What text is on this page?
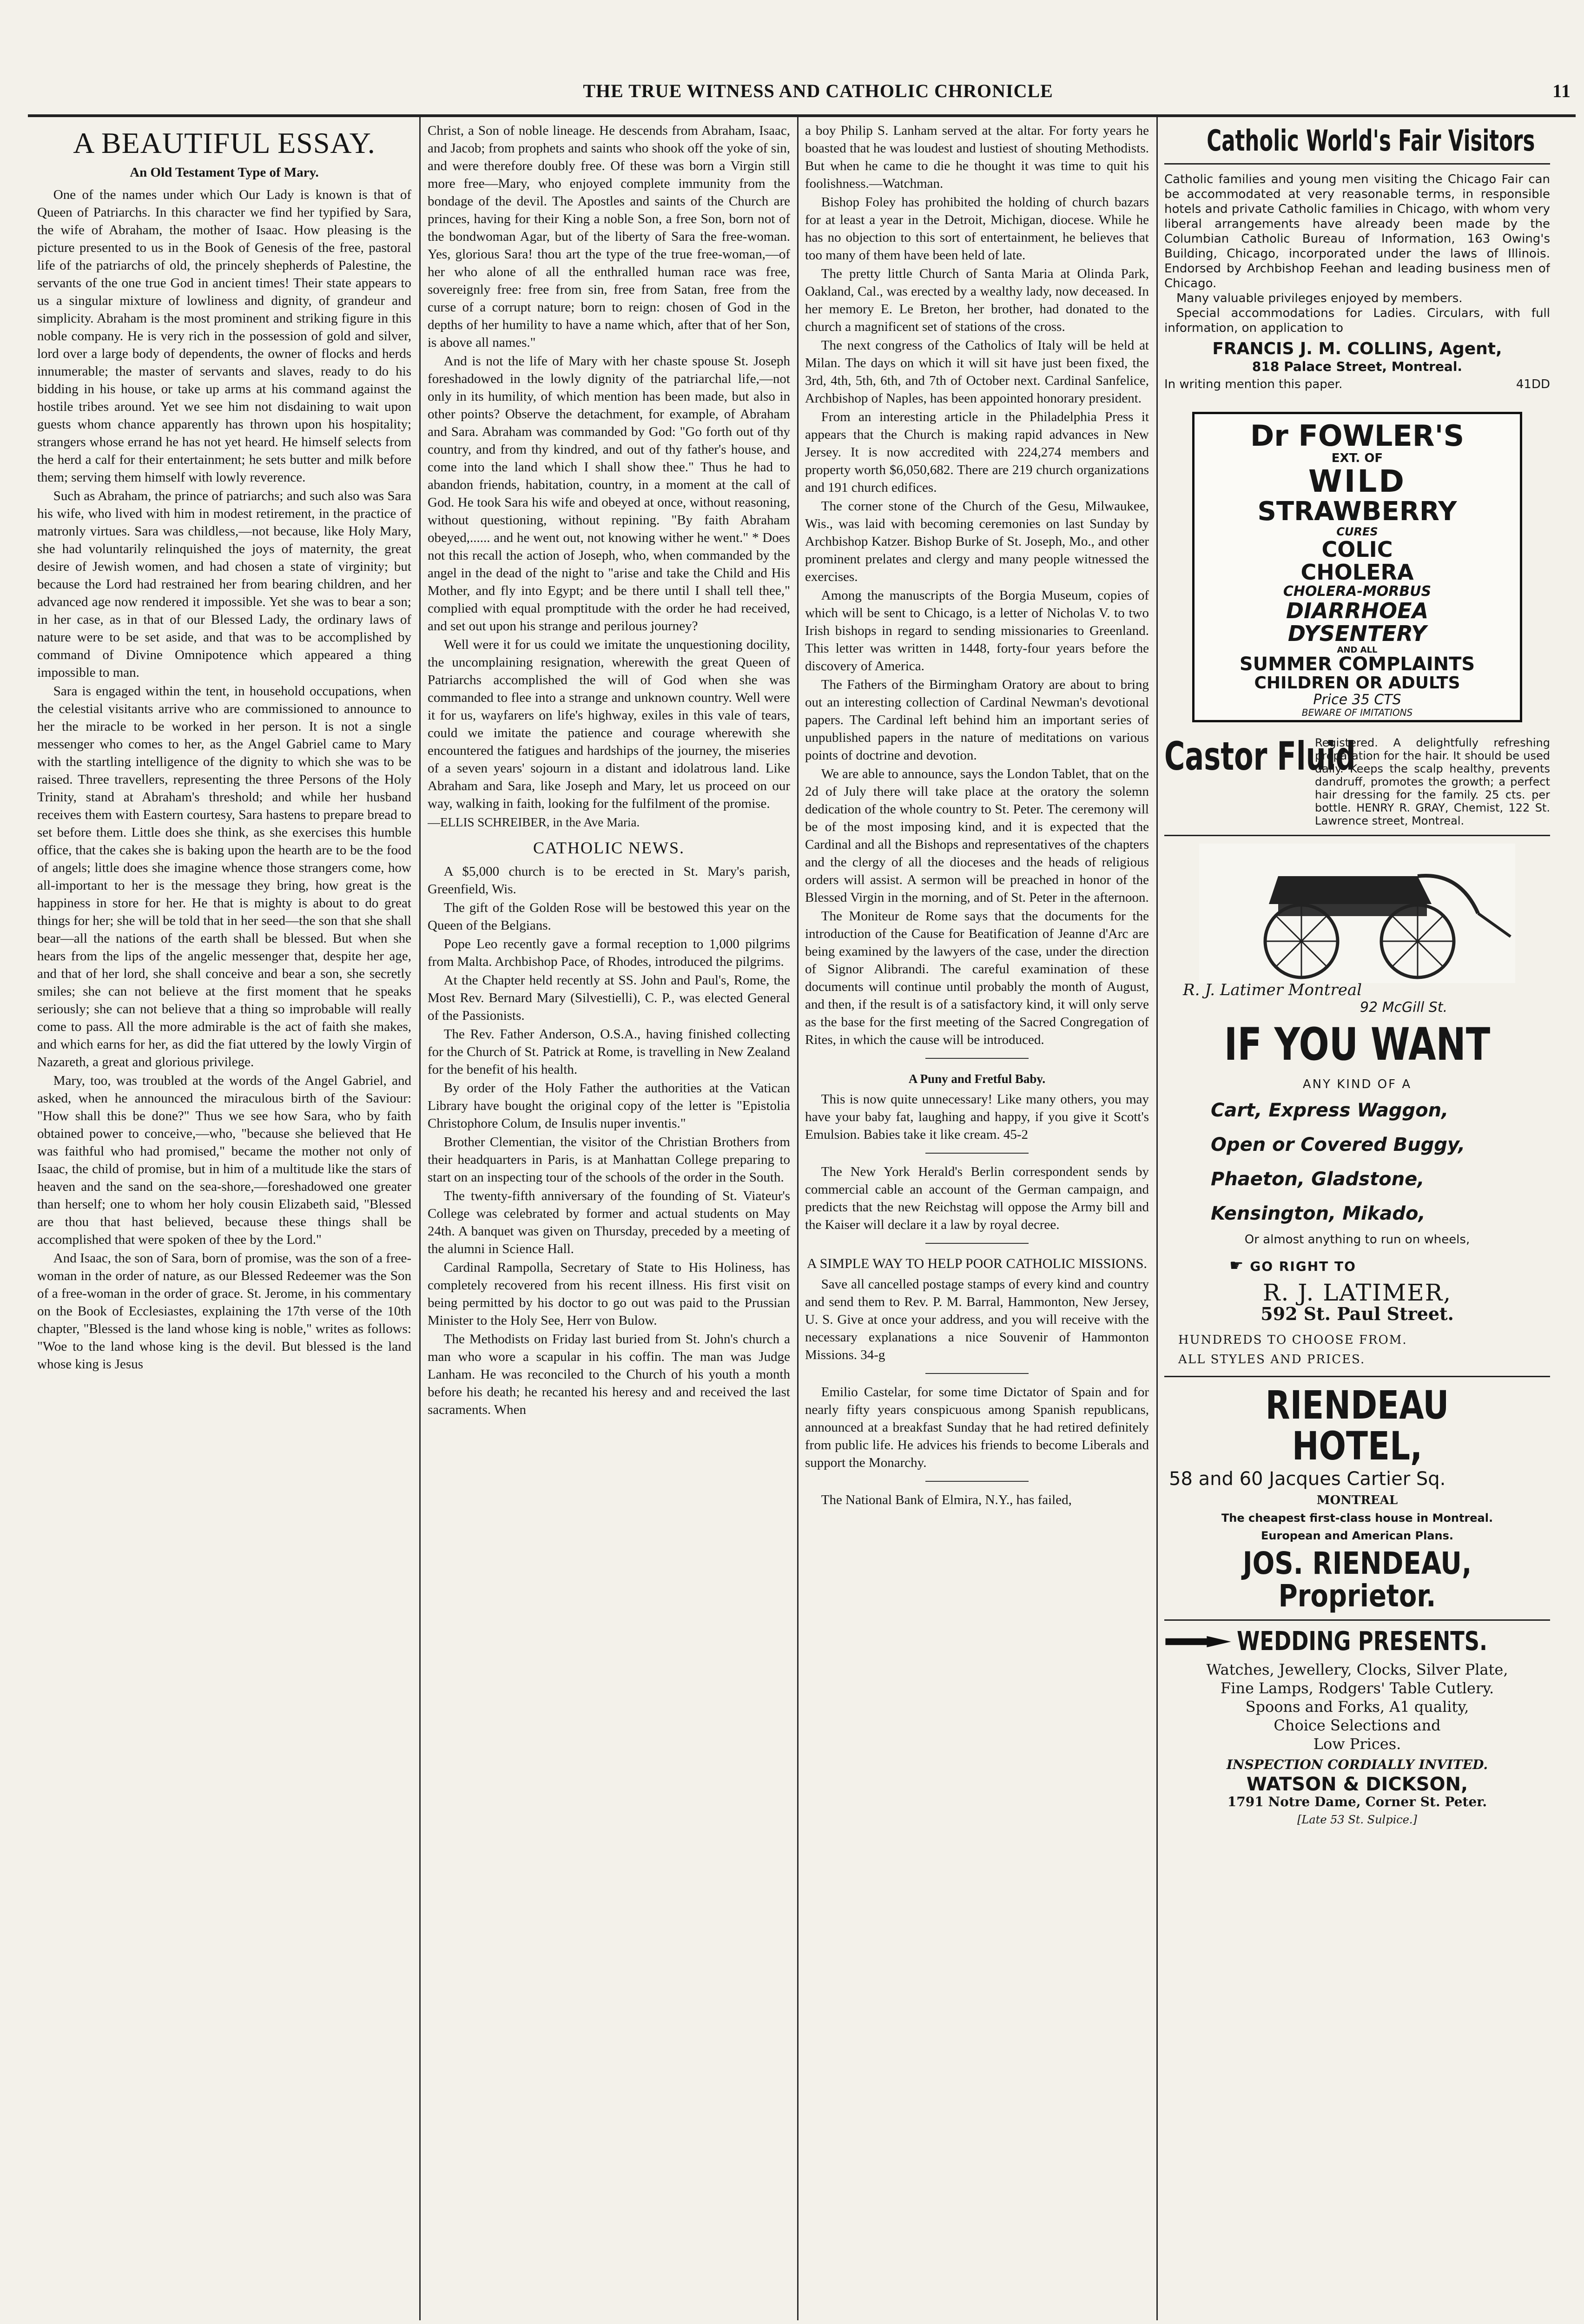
THE TRUE WITNESS AND CATHOLIC CHRONICLE	11
A BEAUTIFUL ESSAY.
An Old Testament Type of Mary.

One of the names under which Our Lady is known is that of Queen of Patriarchs. In this character we find her typified by Sara, the wife of Abraham, the mother of Isaac. How pleasing is the picture presented to us in the Book of Genesis of the free, pastoral life of the patriarchs of old, the princely shepherds of Palestine, the servants of the one true God in ancient times! Their state appears to us a singular mixture of lowliness and dignity, of grandeur and simplicity. Abraham is the most prominent and striking figure in this noble company. He is very rich in the possession of gold and silver, lord over a large body of dependents, the owner of flocks and herds innumerable; the master of servants and slaves, ready to do his bidding in his house, or take up arms at his command against the hostile tribes around. Yet we see him not disdaining to wait upon guests whom chance apparently has thrown upon his hospitality; strangers whose errand he has not yet heard. He himself selects from the herd a calf for their entertainment; he sets butter and milk before them; serving them himself with lowly reverence.

Such as Abraham, the prince of patriarchs; and such also was Sara his wife, who lived with him in modest retirement, in the practice of matronly virtues. Sara was childless,—not because, like Holy Mary, she had voluntarily relinquished the joys of maternity, the great desire of Jewish women, and had chosen a state of virginity; but because the Lord had restrained her from bearing children, and her advanced age now rendered it impossible. Yet she was to bear a son; in her case, as in that of our Blessed Lady, the ordinary laws of nature were to be set aside, and that was to be accomplished by command of Divine Omnipotence which appeared a thing impossible to man.

Sara is engaged within the tent, in household occupations, when the celestial visitants arrive who are commissioned to announce to her the miracle to be worked in her person. It is not a single messenger who comes to her, as the Angel Gabriel came to Mary with the startling intelligence of the dignity to which she was to be raised. Three travellers, representing the three Persons of the Holy Trinity, stand at Abraham's threshold; and while her husband receives them with Eastern courtesy, Sara hastens to prepare bread to set before them. Little does she think, as she exercises this humble office, that the cakes she is baking upon the hearth are to be the food of angels; little does she imagine whence those strangers come, how all-important to her is the message they bring, how great is the happiness in store for her. He that is mighty is about to do great things for her; she will be told that in her seed—the son that she shall bear—all the nations of the earth shall be blessed. But when she hears from the lips of the angelic messenger that, despite her age, and that of her lord, she shall conceive and bear a son, she secretly smiles; she can not believe at the first moment that he speaks seriously; she can not believe that a thing so improbable will really come to pass. All the more admirable is the act of faith she makes, and which earns for her, as did the fiat uttered by the lowly Virgin of Nazareth, a great and glorious privilege.

Mary, too, was troubled at the words of the Angel Gabriel, and asked, when he announced the miraculous birth of the Saviour: "How shall this be done?" Thus we see how Sara, who by faith obtained power to conceive,—who, "because she believed that He was faithful who had promised," became the mother not only of Isaac, the child of promise, but in him of a multitude like the stars of heaven and the sand on the sea-shore,—foreshadowed one greater than herself; one to whom her holy cousin Elizabeth said, "Blessed are thou that hast believed, because these things shall be accomplished that were spoken of thee by the Lord."

And Isaac, the son of Sara, born of promise, was the son of a free-woman in the order of nature, as our Blessed Redeemer was the Son of a free-woman in the order of grace. St. Jerome, in his commentary on the Book of Ecclesiastes, explaining the 17th verse of the 10th chapter, "Blessed is the land whose king is noble," writes as follows: "Woe to the land whose king is the devil. But blessed is the land whose king is Jesus

Christ, a Son of noble lineage. He descends from Abraham, Isaac, and Jacob; from prophets and saints who shook off the yoke of sin, and were therefore doubly free. Of these was born a Virgin still more free—Mary, who enjoyed complete immunity from the bondage of the devil. The Apostles and saints of the Church are princes, having for their King a noble Son, a free Son, born not of the bondwoman Agar, but of the liberty of Sara the free-woman. Yes, glorious Sara! thou art the type of the true free-woman,—of her who alone of all the enthralled human race was free, sovereignly free: free from sin, free from Satan, free from the curse of a corrupt nature; born to reign: chosen of God in the depths of her humility to have a name which, after that of her Son, is above all names."

And is not the life of Mary with her chaste spouse St. Joseph foreshadowed in the lowly dignity of the patriarchal life,—not only in its humility, of which mention has been made, but also in other points? Observe the detachment, for example, of Abraham and Sara. Abraham was commanded by God: "Go forth out of thy country, and from thy kindred, and out of thy father's house, and come into the land which I shall show thee." Thus he had to abandon friends, habitation, country, in a moment at the call of God. He took Sara his wife and obeyed at once, without reasoning, without questioning, without repining. "By faith Abraham obeyed,...... and he went out, not knowing wither he went." * Does not this recall the action of Joseph, who, when commanded by the angel in the dead of the night to "arise and take the Child and His Mother, and fly into Egypt; and be there until I shall tell thee," complied with equal promptitude with the order he had received, and set out upon his strange and perilous journey?

Well were it for us could we imitate the unquestioning docility, the uncomplaining resignation, wherewith the great Queen of Patriarchs accomplished the will of God when she was commanded to flee into a strange and unknown country. Well were it for us, wayfarers on life's highway, exiles in this vale of tears, could we imitate the patience and courage wherewith she encountered the fatigues and hardships of the journey, the miseries of a seven years' sojourn in a distant and idolatrous land. Like Abraham and Sara, like Joseph and Mary, let us proceed on our way, walking in faith, looking for the fulfilment of the promise.

—ELLIS SCHREIBER, in the Ave Maria.

CATHOLIC NEWS.

A $5,000 church is to be erected in St. Mary's parish, Greenfield, Wis.

The gift of the Golden Rose will be bestowed this year on the Queen of the Belgians.

Pope Leo recently gave a formal reception to 1,000 pilgrims from Malta. Archbishop Pace, of Rhodes, introduced the pilgrims.

At the Chapter held recently at SS. John and Paul's, Rome, the Most Rev. Bernard Mary (Silvestielli), C. P., was elected General of the Passionists.

The Rev. Father Anderson, O.S.A., having finished collecting for the Church of St. Patrick at Rome, is travelling in New Zealand for the benefit of his health.

By order of the Holy Father the authorities at the Vatican Library have bought the original copy of the letter is "Epistolia Christophore Colum, de Insulis nuper inventis."

Brother Clementian, the visitor of the Christian Brothers from their headquarters in Paris, is at Manhattan College preparing to start on an inspecting tour of the schools of the order in the South.

The twenty-fifth anniversary of the founding of St. Viateur's College was celebrated by former and actual students on May 24th. A banquet was given on Thursday, preceded by a meeting of the alumni in Science Hall.

Cardinal Rampolla, Secretary of State to His Holiness, has completely recovered from his recent illness. His first visit on being permitted by his doctor to go out was paid to the Prussian Minister to the Holy See, Herr von Bulow.

The Methodists on Friday last buried from St. John's church a man who wore a scapular in his coffin. The man was Judge Lanham. He was reconciled to the Church of his youth a month before his death; he recanted his heresy and and received the last sacraments. When

a boy Philip S. Lanham served at the altar. For forty years he boasted that he was loudest and lustiest of shouting Methodists. But when he came to die he thought it was time to quit his foolishness.—Watchman.

Bishop Foley has prohibited the holding of church bazars for at least a year in the Detroit, Michigan, diocese. While he has no objection to this sort of entertainment, he believes that too many of them have been held of late.

The pretty little Church of Santa Maria at Olinda Park, Oakland, Cal., was erected by a wealthy lady, now deceased. In her memory E. Le Breton, her brother, had donated to the church a magnificent set of stations of the cross.

The next congress of the Catholics of Italy will be held at Milan. The days on which it will sit have just been fixed, the 3rd, 4th, 5th, 6th, and 7th of October next. Cardinal Sanfelice, Archbishop of Naples, has been appointed honorary president.

From an interesting article in the Philadelphia Press it appears that the Church is making rapid advances in New Jersey. It is now accredited with 224,274 members and property worth $6,050,682. There are 219 church organizations and 191 church edifices.

The corner stone of the Church of the Gesu, Milwaukee, Wis., was laid with becoming ceremonies on last Sunday by Archbishop Katzer. Bishop Burke of St. Joseph, Mo., and other prominent prelates and clergy and many people witnessed the exercises.

Among the manuscripts of the Borgia Museum, copies of which will be sent to Chicago, is a letter of Nicholas V. to two Irish bishops in regard to sending missionaries to Greenland. This letter was written in 1448, forty-four years before the discovery of America.

The Fathers of the Birmingham Oratory are about to bring out an interesting collection of Cardinal Newman's devotional papers. The Cardinal left behind him an important series of unpublished papers in the nature of meditations on various points of doctrine and devotion.

We are able to announce, says the London Tablet, that on the 2d of July there will take place at the oratory the solemn dedication of the whole country to St. Peter. The ceremony will be of the most imposing kind, and it is expected that the Cardinal and all the Bishops and representatives of the chapters and the clergy of all the dioceses and the heads of religious orders will assist. A sermon will be preached in honor of the Blessed Virgin in the morning, and of St. Peter in the afternoon.

The Moniteur de Rome says that the documents for the introduction of the Cause for Beatification of Jeanne d'Arc are being examined by the lawyers of the case, under the direction of Signor Alibrandi. The careful examination of these documents will continue until probably the month of August, and then, if the result is of a satisfactory kind, it will only serve as the base for the first meeting of the Sacred Congregation of Rites, in which the cause will be introduced.

A Puny and Fretful Baby.

This is now quite unnecessary! Like many others, you may have your baby fat, laughing and happy, if you give it Scott's Emulsion. Babies take it like cream. 45-2

The New York Herald's Berlin correspondent sends by commercial cable an account of the German campaign, and predicts that the new Reichstag will oppose the Army bill and the Kaiser will declare it a law by royal decree.

A SIMPLE WAY TO HELP POOR CATHOLIC MISSIONS.

Save all cancelled postage stamps of every kind and country and send them to Rev. P. M. Barral, Hammonton, New Jersey, U. S. Give at once your address, and you will receive with the necessary explanations a nice Souvenir of Hammonton Missions. 34-g

Emilio Castelar, for some time Dictator of Spain and for nearly fifty years conspicuous among Spanish republicans, announced at a breakfast Sunday that he had retired definitely from public life. He advices his friends to become Liberals and support the Monarchy.

The National Bank of Elmira, N.Y., has failed,

Catholic World's Fair Visitors
Catholic families and young men visiting the Chicago Fair can be accommodated at very reasonable terms, in responsible hotels and private Catholic families in Chicago, with whom very liberal arrangements have already been made by the Columbian Catholic Bureau of Information, 163 Owing's Building, Chicago, incorporated under the laws of Illinois. Endorsed by Archbishop Feehan and leading business men of Chicago.
Many valuable privileges enjoyed by members.
Special accommodations for Ladies. Circulars, with full information, on application to
FRANCIS J. M. COLLINS, Agent,
818 Palace Street, Montreal.
In writing mention this paper.	41DD
Dr FOWLER'S
EXT. OF
WILD
STRAWBERRY
CURES
COLIC
CHOLERA
CHOLERA-MORBUS
DIARRHOEA
DYSENTERY
AND ALL
SUMMER COMPLAINTS
CHILDREN OR ADULTS
Price 35 CTS
BEWARE OF IMITATIONS
Castor Fluid
Registered. A delightfully refreshing preparation for the hair. It should be used daily. Keeps the scalp healthy, prevents dandruff, promotes the growth; a perfect hair dressing for the family. 25 cts. per bottle. HENRY R. GRAY, Chemist, 122 St. Lawrence street, Montreal.
R. J. Latimer Montreal
92 McGill St.
IF YOU WANT
ANY KIND OF A
Cart, Express Waggon,
Open or Covered Buggy,
Phaeton, Gladstone,
Kensington, Mikado,
Or almost anything to run on wheels,
☛ GO RIGHT TO
R. J. LATIMER,
592 St. Paul Street.
HUNDREDS TO CHOOSE FROM.
ALL STYLES AND PRICES.
RIENDEAU HOTEL,
58 and 60 Jacques Cartier Sq.
MONTREAL
The cheapest first-class house in Montreal.
European and American Plans.
JOS. RIENDEAU, Proprietor.
WEDDING PRESENTS.
Watches, Jewellery, Clocks, Silver Plate,
Fine Lamps, Rodgers' Table Cutlery.
Spoons and Forks, A1 quality,
Choice Selections and
Low Prices.
INSPECTION CORDIALLY INVITED.
WATSON & DICKSON,
1791 Notre Dame, Corner St. Peter.
[Late 53 St. Sulpice.]
